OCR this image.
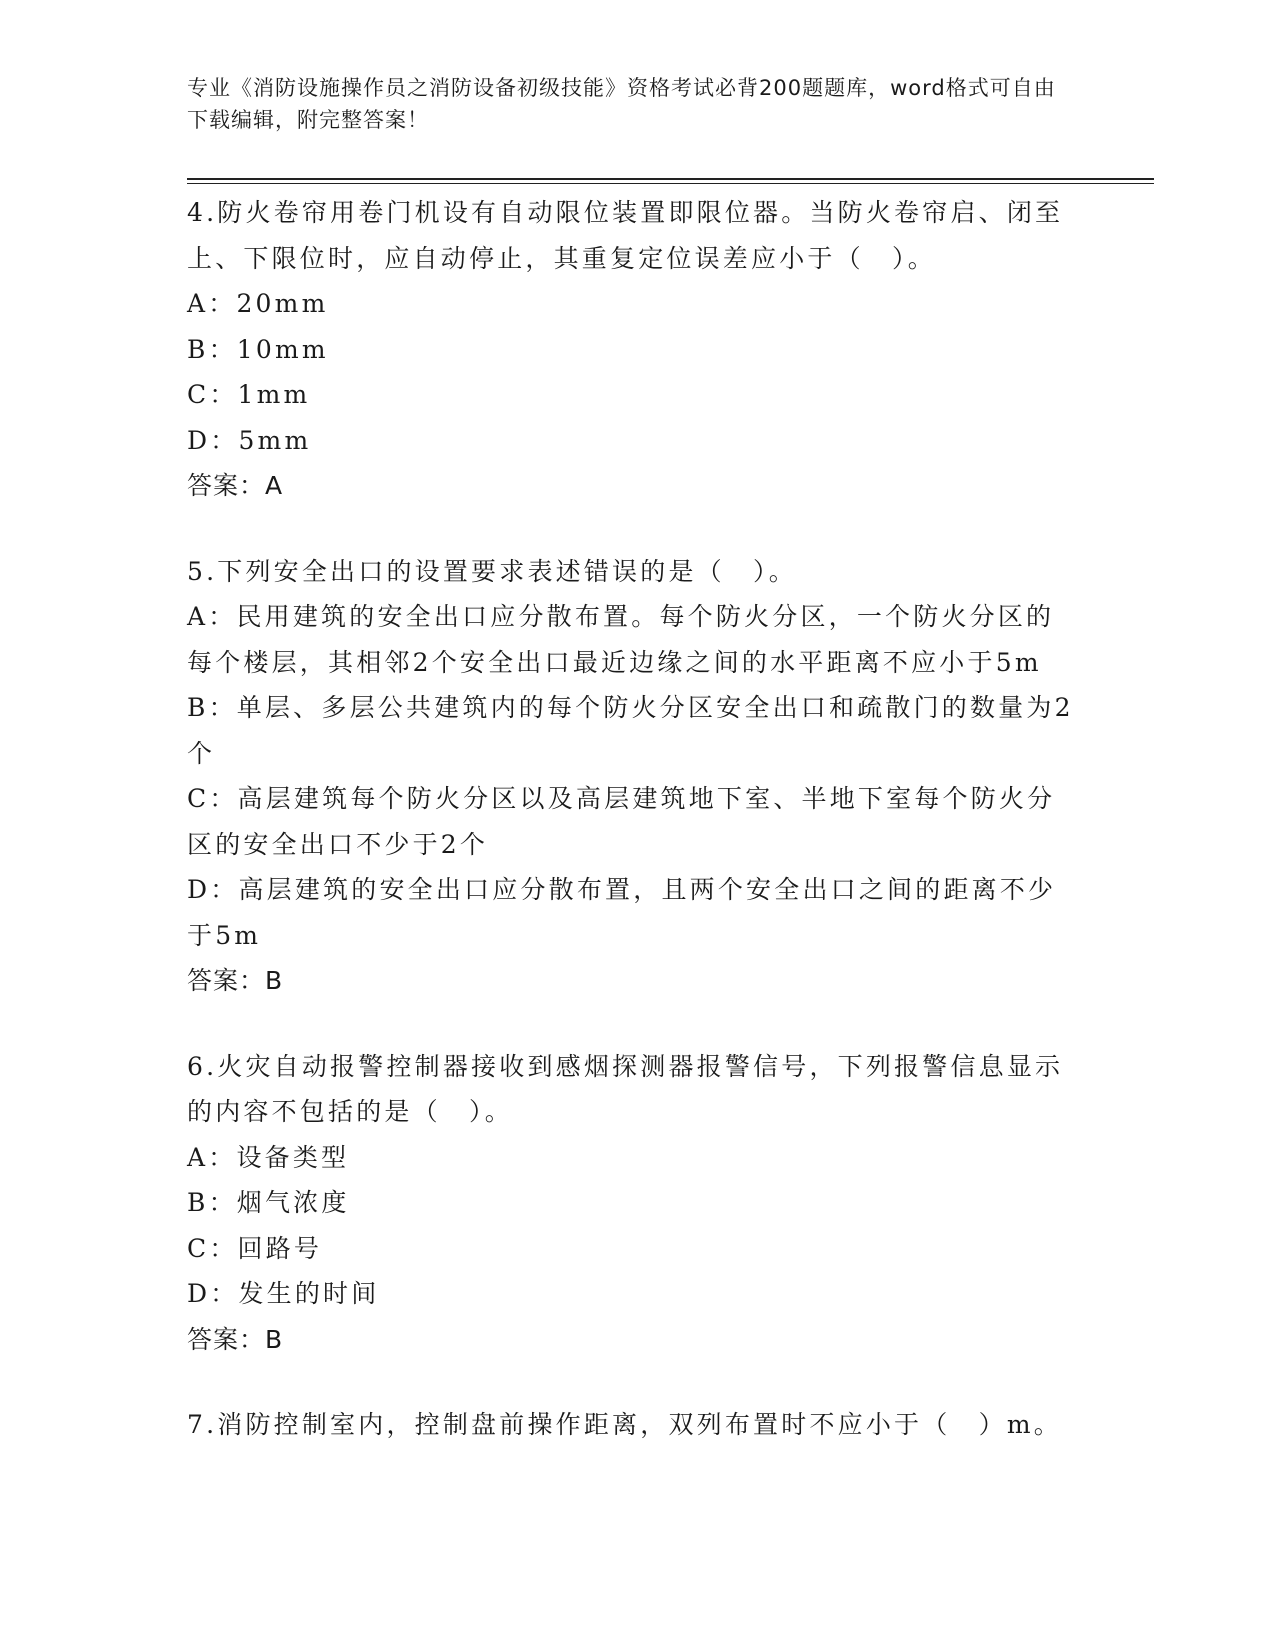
专业《消防设施操作员之消防设备初级技能》资格考试必背200题题库，word格式可自由下载编辑，附完整答案！

4.防火卷帘用卷门机设有自动限位装置即限位器。当防火卷帘启、闭至上、下限位时，应自动停止，其重复定位误差应小于（　）。

A：20mm

B：10mm

C：1mm

D：5mm

答案：A

5.下列安全出口的设置要求表述错误的是（　）。

A：民用建筑的安全出口应分散布置。每个防火分区，一个防火分区的每个楼层，其相邻2个安全出口最近边缘之间的水平距离不应小于5m

B：单层、多层公共建筑内的每个防火分区安全出口和疏散门的数量为2个

C：高层建筑每个防火分区以及高层建筑地下室、半地下室每个防火分区的安全出口不少于2个

D：高层建筑的安全出口应分散布置，且两个安全出口之间的距离不少于5m

答案：B

6.火灾自动报警控制器接收到感烟探测器报警信号，下列报警信息显示的内容不包括的是（　）。

A：设备类型

B：烟气浓度

C：回路号

D：发生的时间

答案：B

7.消防控制室内，控制盘前操作距离，双列布置时不应小于（　）m。
